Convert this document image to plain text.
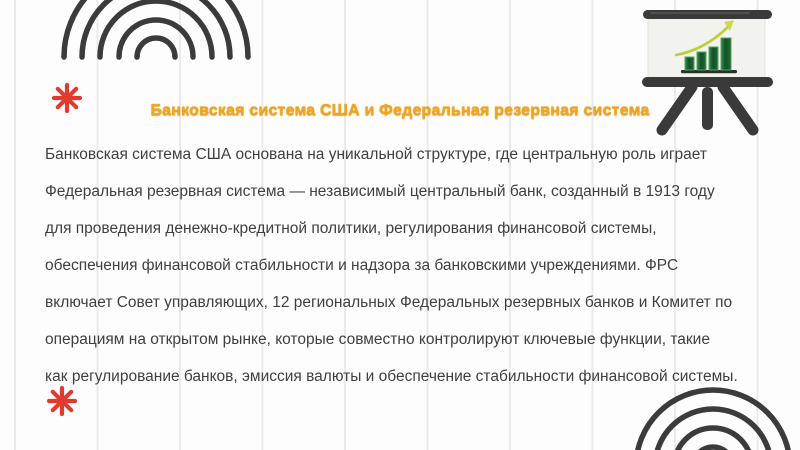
Банковская система США и Федеральная резервная система
Банковская система США основана на уникальной структуре, где центральную роль играет
Федеральная резервная система — независимый центральный банк, созданный в 1913 году
для проведения денежно-кредитной политики, регулирования финансовой системы,
обеспечения финансовой стабильности и надзора за банковскими учреждениями. ФРС
включает Совет управляющих, 12 региональных Федеральных резервных банков и Комитет по
операциям на открытом рынке, которые совместно контролируют ключевые функции, такие
как регулирование банков, эмиссия валюты и обеспечение стабильности финансовой системы.
